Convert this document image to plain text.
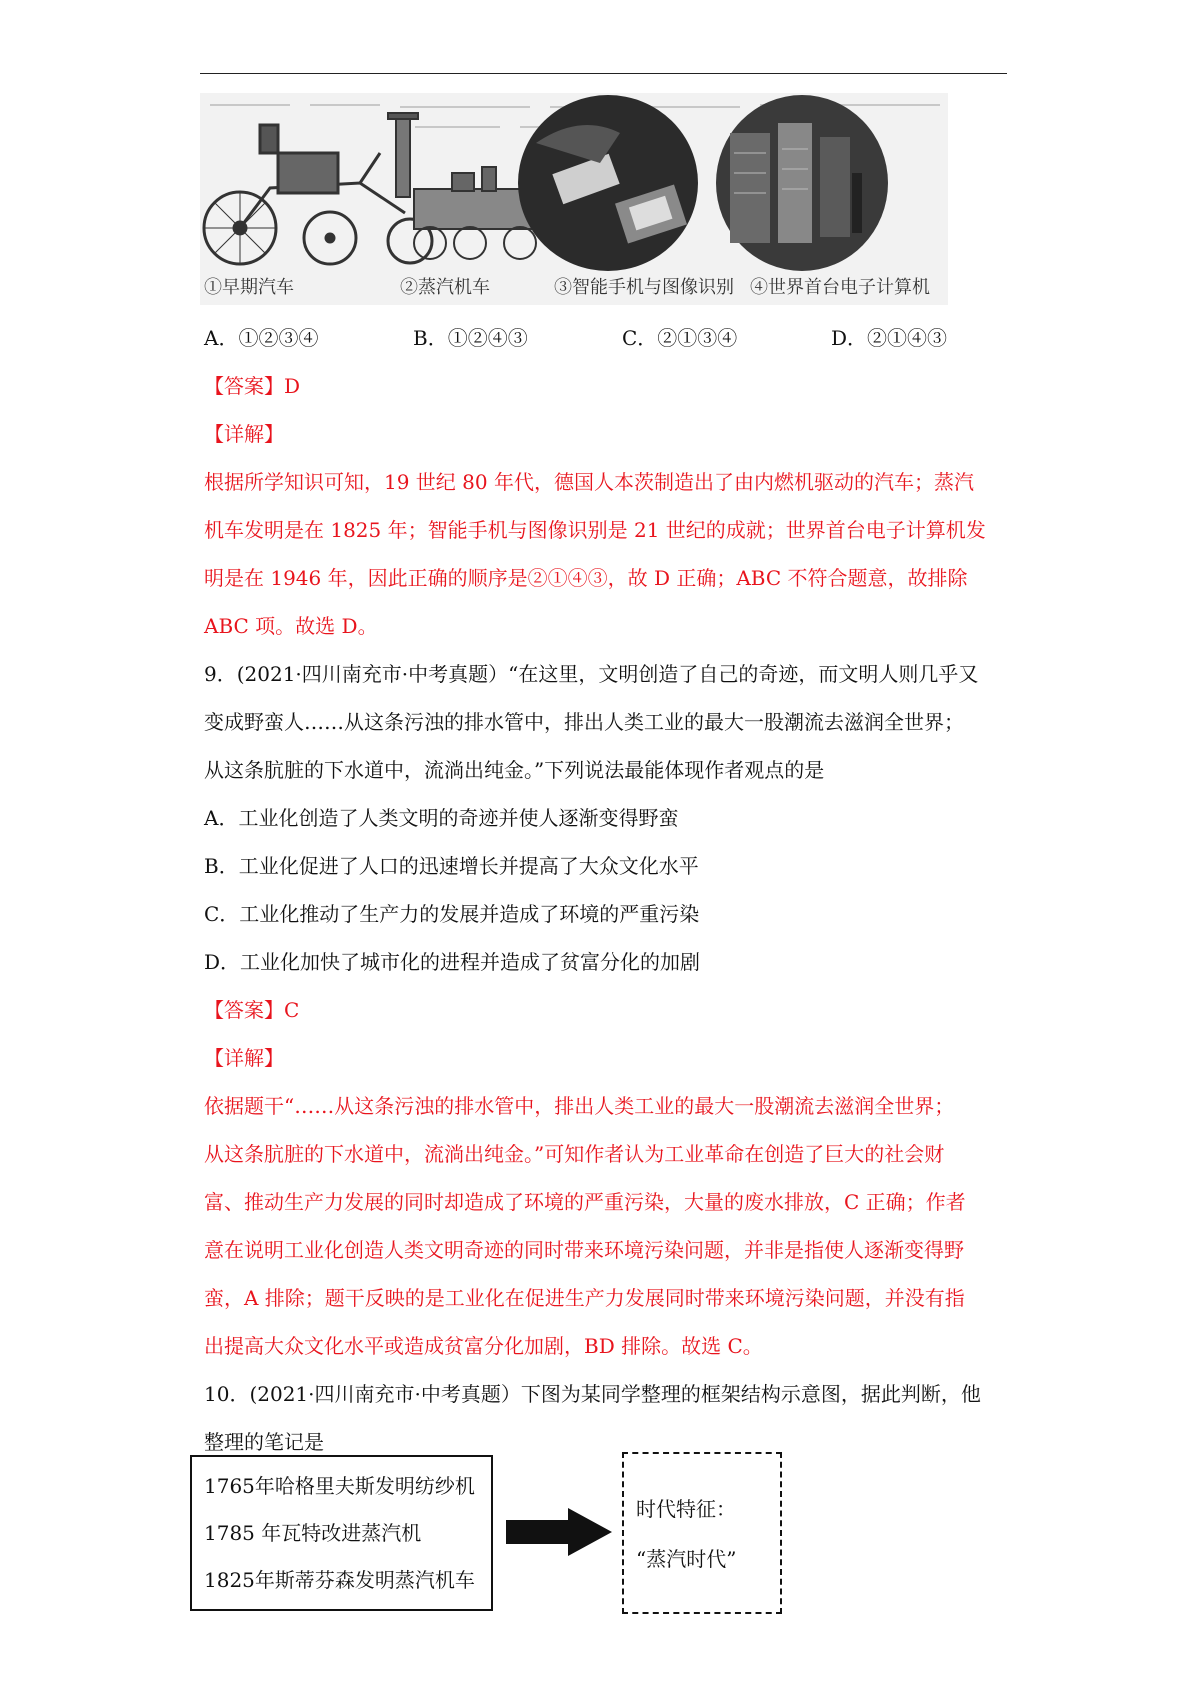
①早期汽车	②蒸汽机车	③智能手机与图像识别 ④世界首台电子计算机
A．①②③④	B．①②④③	C．②①③④	D．②①④③
【答案】D
【详解】
根据所学知识可知，19 世纪 80 年代，德国人本茨制造出了由内燃机驱动的汽车；蒸汽
机车发明是在 1825 年；智能手机与图像识别是 21 世纪的成就；世界首台电子计算机发
明是在 1946 年，因此正确的顺序是②①④③，故 D 正确；ABC 不符合题意，故排除
ABC 项。故选 D。
9．(2021·四川南充市·中考真题）“在这里，文明创造了自己的奇迹，而文明人则几乎又
变成野蛮人……从这条污浊的排水管中，排出人类工业的最大一股潮流去滋润全世界；
从这条肮脏的下水道中，流淌出纯金。”下列说法最能体现作者观点的是
A．工业化创造了人类文明的奇迹并使人逐渐变得野蛮
B．工业化促进了人口的迅速增长并提高了大众文化水平
C．工业化推动了生产力的发展并造成了环境的严重污染
D．工业化加快了城市化的进程并造成了贫富分化的加剧
【答案】C
【详解】
依据题干“……从这条污浊的排水管中，排出人类工业的最大一股潮流去滋润全世界；
从这条肮脏的下水道中，流淌出纯金。”可知作者认为工业革命在创造了巨大的社会财
富、推动生产力发展的同时却造成了环境的严重污染，大量的废水排放，C 正确；作者
意在说明工业化创造人类文明奇迹的同时带来环境污染问题，并非是指使人逐渐变得野
蛮，A 排除；题干反映的是工业化在促进生产力发展同时带来环境污染问题，并没有指
出提高大众文化水平或造成贫富分化加剧，BD 排除。故选 C。
10．(2021·四川南充市·中考真题）下图为某同学整理的框架结构示意图，据此判断，他
整理的笔记是
1765年哈格里夫斯发明纺纱机
1785 年瓦特改进蒸汽机
1825年斯蒂芬森发明蒸汽机车
时代特征：
“蒸汽时代”
